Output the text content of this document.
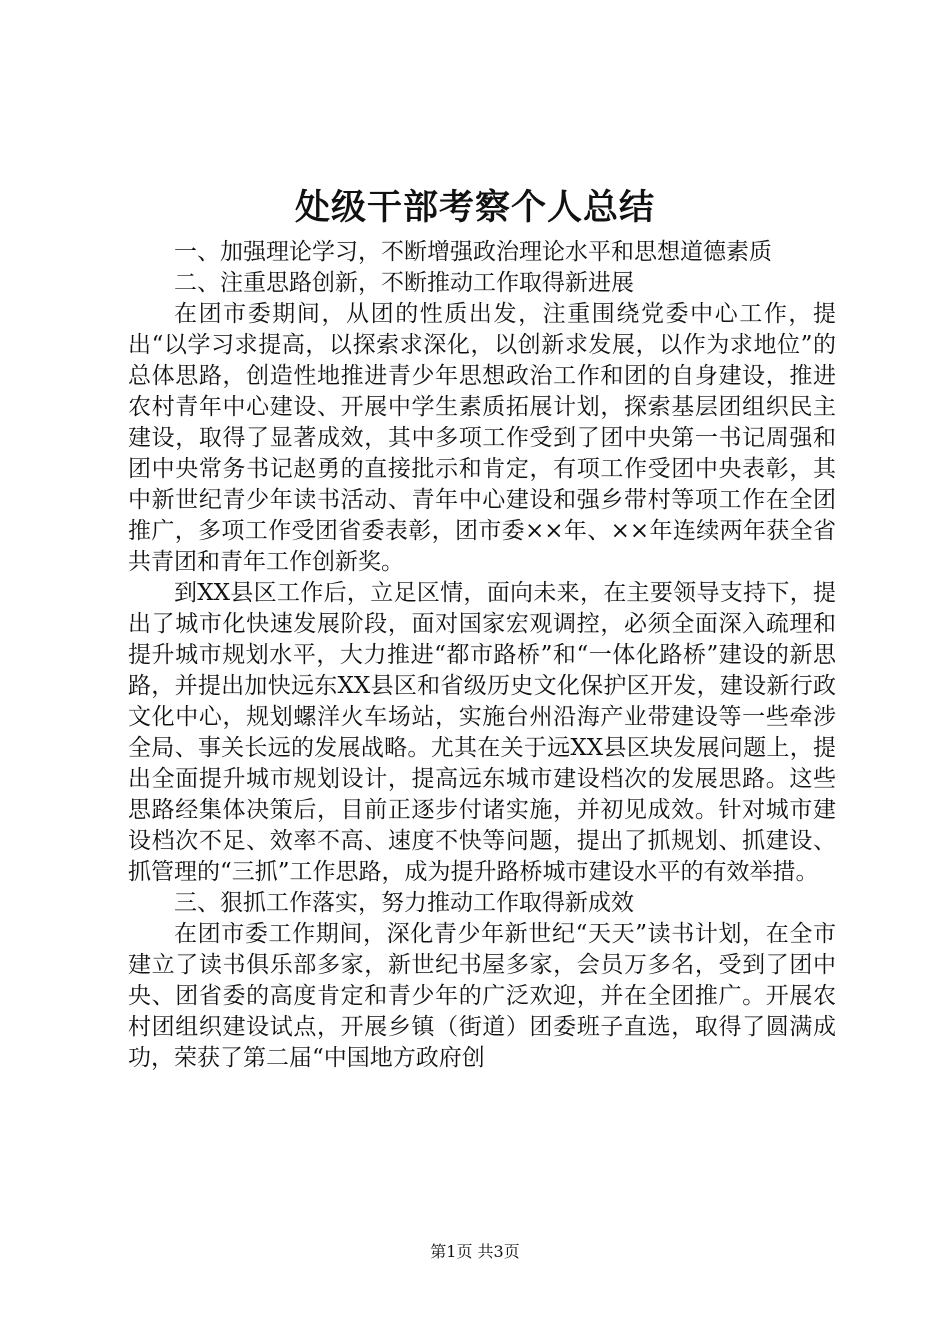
处级干部考察个人总结

一、加强理论学习，不断增强政治理论水平和思想道德素质

二、注重思路创新，不断推动工作取得新进展

在团市委期间，从团的性质出发，注重围绕党委中心工作，提出“以学习求提高，以探索求深化，以创新求发展，以作为求地位”的总体思路，创造性地推进青少年思想政治工作和团的自身建设，推进农村青年中心建设、开展中学生素质拓展计划，探索基层团组织民主建设，取得了显著成效，其中多项工作受到了团中央第一书记周强和团中央常务书记赵勇的直接批示和肯定，有项工作受团中央表彰，其中新世纪青少年读书活动、青年中心建设和强乡带村等项工作在全团推广，多项工作受团省委表彰，团市委××年、××年连续两年获全省共青团和青年工作创新奖。

到XX县区工作后，立足区情，面向未来，在主要领导支持下，提出了城市化快速发展阶段，面对国家宏观调控，必须全面深入疏理和提升城市规划水平，大力推进“都市路桥”和“一体化路桥”建设的新思路，并提出加快远东XX县区和省级历史文化保护区开发，建设新行政文化中心，规划螺洋火车场站，实施台州沿海产业带建设等一些牵涉全局、事关长远的发展战略。尤其在关于远XX县区块发展问题上，提出全面提升城市规划设计，提高远东城市建设档次的发展思路。这些思路经集体决策后，目前正逐步付诸实施，并初见成效。针对城市建设档次不足、效率不高、速度不快等问题，提出了抓规划、抓建设、抓管理的“三抓”工作思路，成为提升路桥城市建设水平的有效举措。

三、狠抓工作落实，努力推动工作取得新成效

在团市委工作期间，深化青少年新世纪“天天”读书计划，在全市建立了读书俱乐部多家，新世纪书屋多家，会员万多名，受到了团中央、团省委的高度肯定和青少年的广泛欢迎，并在全团推广。开展农村团组织建设试点，开展乡镇（街道）团委班子直选，取得了圆满成功，荣获了第二届“中国地方政府创

第1页 共3页
